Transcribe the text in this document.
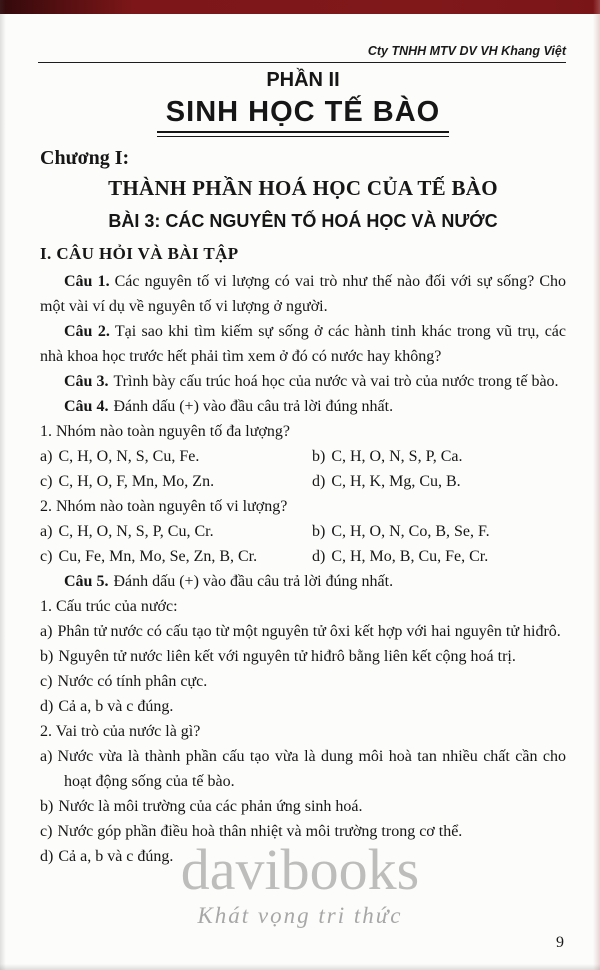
Cty TNHH MTV DV VH Khang Việt
PHẦN II
SINH HỌC TẾ BÀO
Chương I:
THÀNH PHẦN HOÁ HỌC CỦA TẾ BÀO
BÀI 3: CÁC NGUYÊN TỐ HOÁ HỌC VÀ NƯỚC
I. CÂU HỎI VÀ BÀI TẬP

Câu 1. Các nguyên tố vi lượng có vai trò như thế nào đối với sự sống? Cho một vài ví dụ về nguyên tố vi lượng ở người.

Câu 2. Tại sao khi tìm kiếm sự sống ở các hành tinh khác trong vũ trụ, các nhà khoa học trước hết phải tìm xem ở đó có nước hay không?

Câu 3. Trình bày cấu trúc hoá học của nước và vai trò của nước trong tế bào.

Câu 4. Đánh dấu (+) vào đầu câu trả lời đúng nhất.

1. Nhóm nào toàn nguyên tố đa lượng?
a) C, H, O, N, S, Cu, Fe.	b) C, H, O, N, S, P, Ca.
c) C, H, O, F, Mn, Mo, Zn.	d) C, H, K, Mg, Cu, B.
2. Nhóm nào toàn nguyên tố vi lượng?
a) C, H, O, N, S, P, Cu, Cr.	b) C, H, O, N, Co, B, Se, F.
c) Cu, Fe, Mn, Mo, Se, Zn, B, Cr.	d) C, H, Mo, B, Cu, Fe, Cr.

Câu 5. Đánh dấu (+) vào đầu câu trả lời đúng nhất.

1. Cấu trúc của nước:
a) Phân tử nước có cấu tạo từ một nguyên tử ôxi kết hợp với hai nguyên tử hiđrô.
b) Nguyên tử nước liên kết với nguyên tử hiđrô bằng liên kết cộng hoá trị.
c) Nước có tính phân cực.
d) Cả a, b và c đúng.
2. Vai trò của nước là gì?
a) Nước vừa là thành phần cấu tạo vừa là dung môi hoà tan nhiều chất cần cho hoạt động sống của tế bào.
b) Nước là môi trường của các phản ứng sinh hoá.
c) Nước góp phần điều hoà thân nhiệt và môi trường trong cơ thể.
d) Cả a, b và c đúng. davibooks
Khát vọng tri thức
9
